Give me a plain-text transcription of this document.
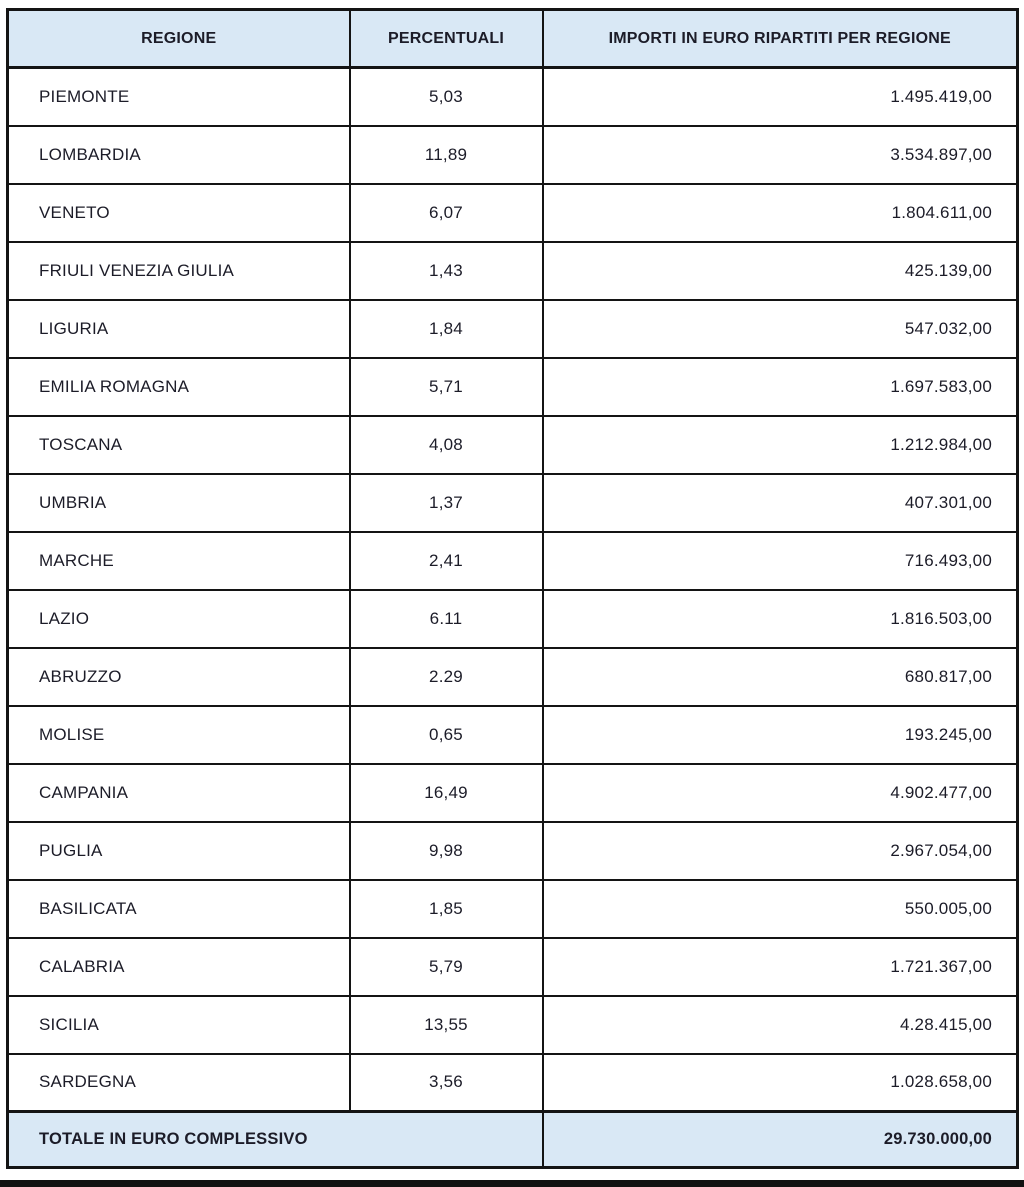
REGIONE	PERCENTUALI	IMPORTI IN EURO RIPARTITI PER REGIONE
PIEMONTE	5,03	1.495.419,00
LOMBARDIA	11,89	3.534.897,00
VENETO	6,07	1.804.611,00
FRIULI VENEZIA GIULIA	1,43	425.139,00
LIGURIA	1,84	547.032,00
EMILIA ROMAGNA	5,71	1.697.583,00
TOSCANA	4,08	1.212.984,00
UMBRIA	1,37	407.301,00
MARCHE	2,41	716.493,00
LAZIO	6.11	1.816.503,00
ABRUZZO	2.29	680.817,00
MOLISE	0,65	193.245,00
CAMPANIA	16,49	4.902.477,00
PUGLIA	9,98	2.967.054,00
BASILICATA	1,85	550.005,00
CALABRIA	5,79	1.721.367,00
SICILIA	13,55	4.28.415,00
SARDEGNA	3,56	1.028.658,00
TOTALE IN EURO COMPLESSIVO		29.730.000,00
